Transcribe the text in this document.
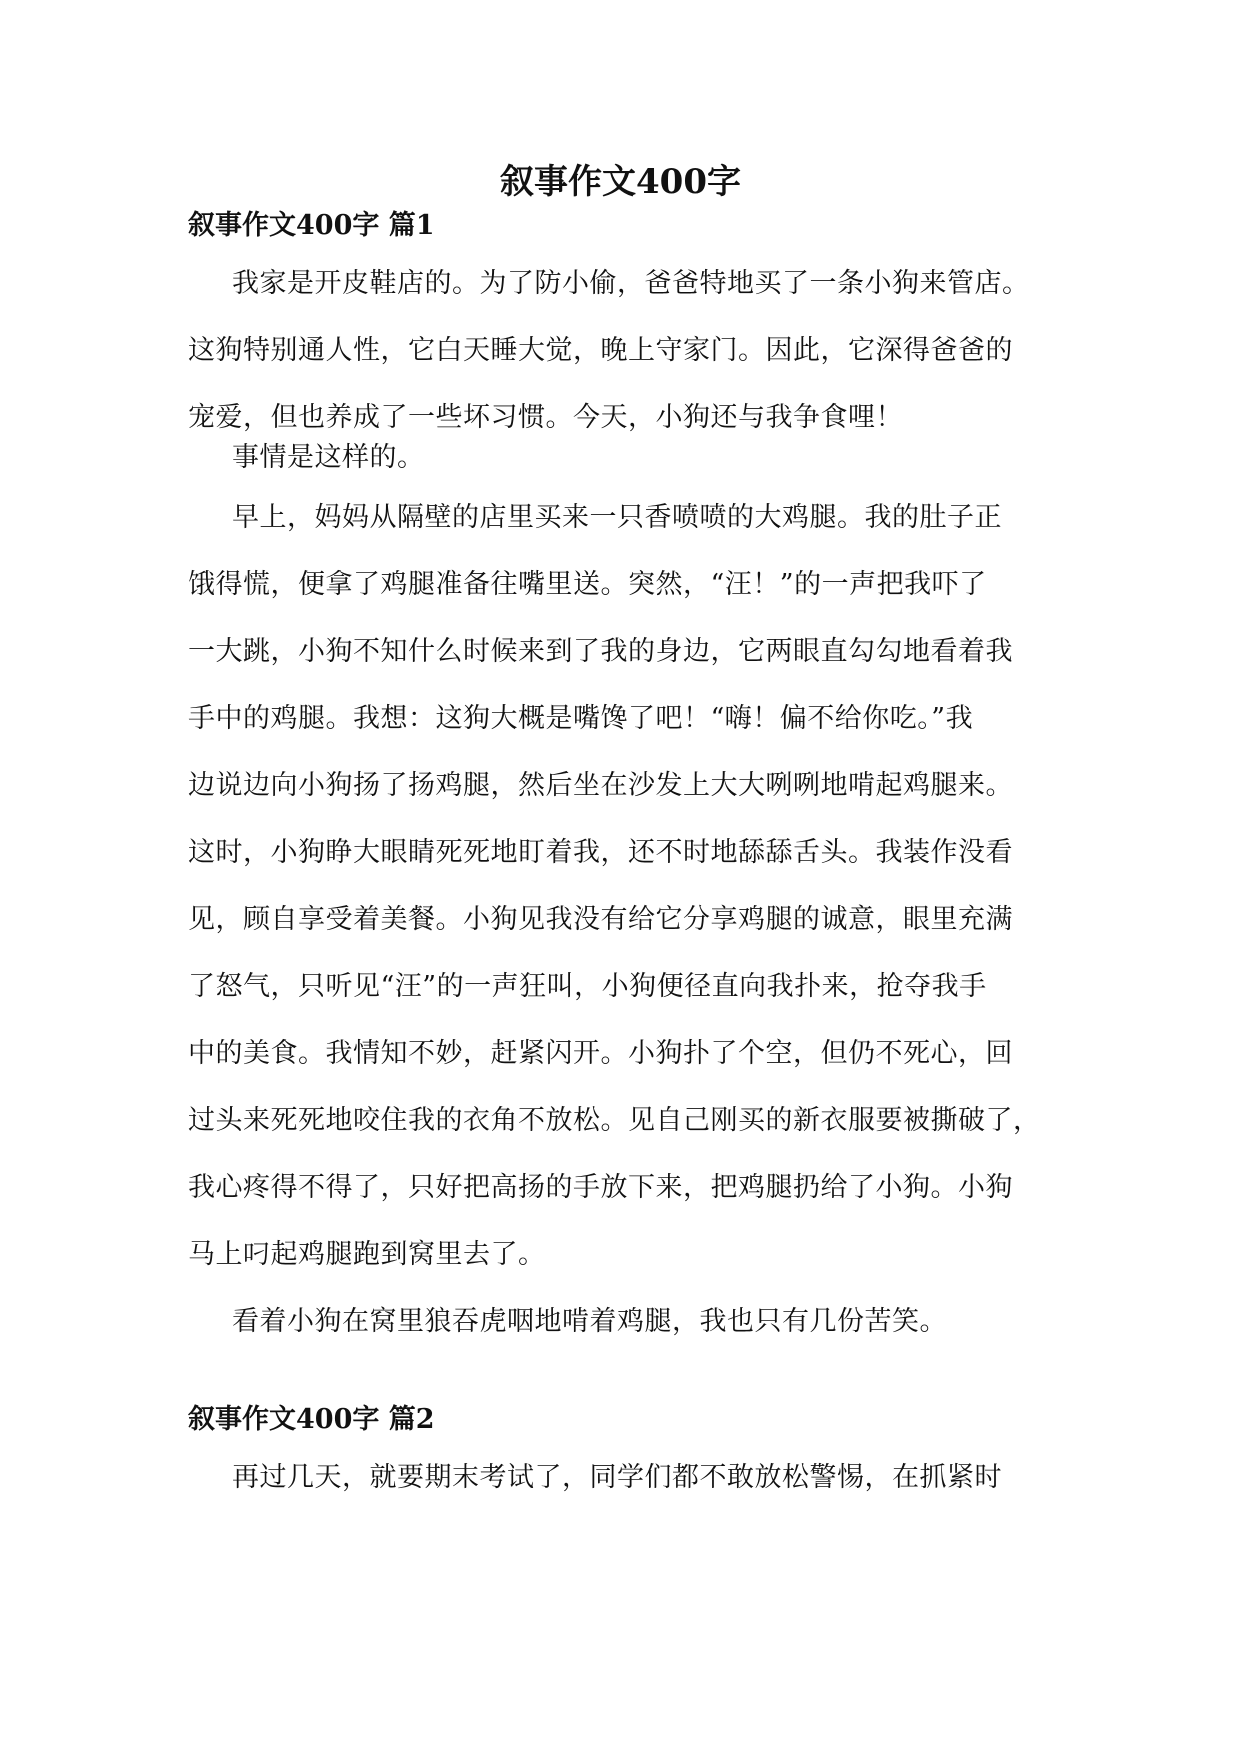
叙事作文400字
叙事作文400字 篇1

我家是开皮鞋店的。为了防小偷，爸爸特地买了一条小狗来管店。
这狗特别通人性，它白天睡大觉，晚上守家门。因此，它深得爸爸的
宠爱，但也养成了一些坏习惯。今天，小狗还与我争食哩！

事情是这样的。

早上，妈妈从隔壁的店里买来一只香喷喷的大鸡腿。我的肚子正
饿得慌，便拿了鸡腿准备往嘴里送。突然，“汪！”的一声把我吓了
一大跳，小狗不知什么时候来到了我的身边，它两眼直勾勾地看着我
手中的鸡腿。我想：这狗大概是嘴馋了吧！“嗨！偏不给你吃。”我
边说边向小狗扬了扬鸡腿，然后坐在沙发上大大咧咧地啃起鸡腿来。
这时，小狗睁大眼睛死死地盯着我，还不时地舔舔舌头。我装作没看
见，顾自享受着美餐。小狗见我没有给它分享鸡腿的诚意，眼里充满
了怒气，只听见“汪”的一声狂叫，小狗便径直向我扑来，抢夺我手
中的美食。我情知不妙，赶紧闪开。小狗扑了个空，但仍不死心，回
过头来死死地咬住我的衣角不放松。见自己刚买的新衣服要被撕破了，
我心疼得不得了，只好把高扬的手放下来，把鸡腿扔给了小狗。小狗
马上叼起鸡腿跑到窝里去了。

看着小狗在窝里狼吞虎咽地啃着鸡腿，我也只有几份苦笑。

叙事作文400字 篇2

再过几天，就要期末考试了，同学们都不敢放松警惕，在抓紧时
